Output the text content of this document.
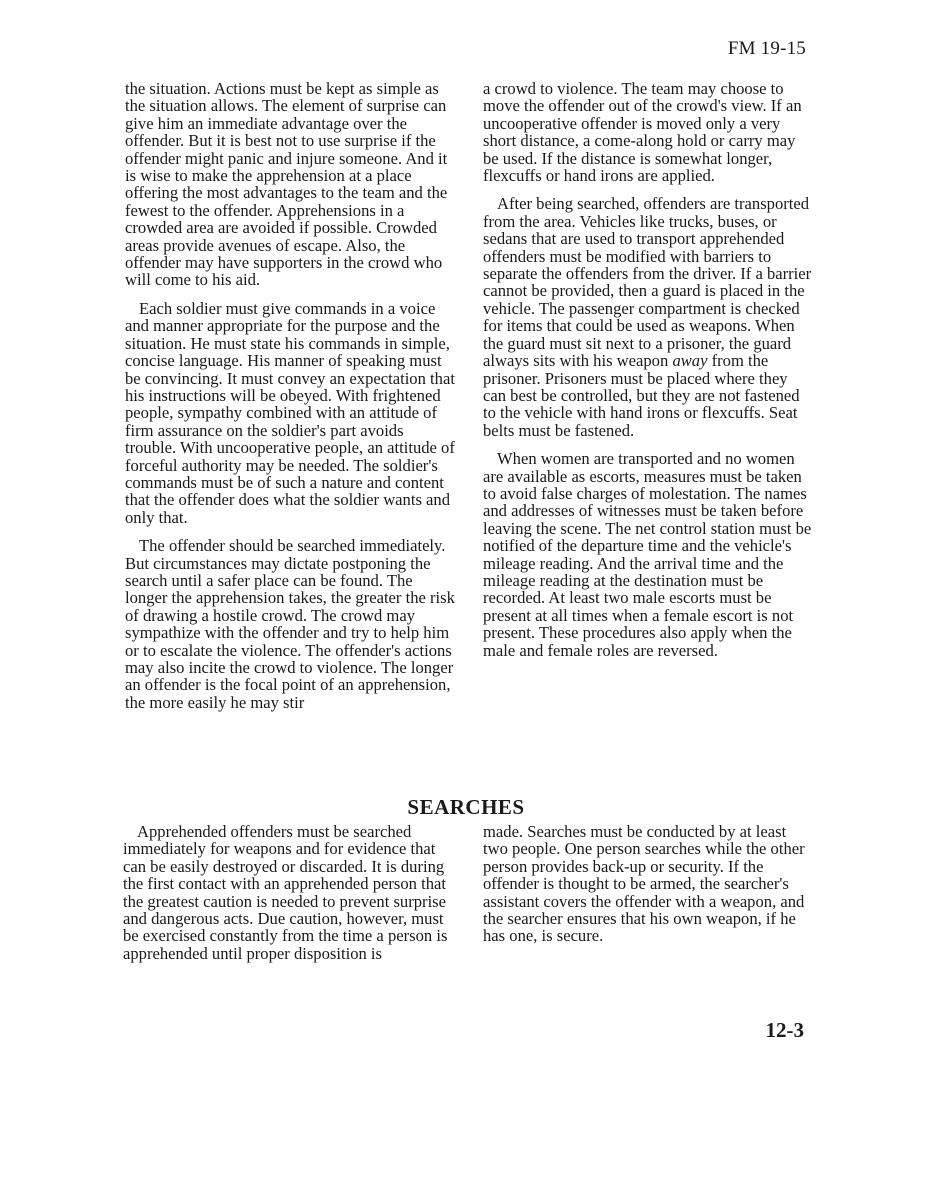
FM 19-15

the situation. Actions must be kept as simple as the situation allows. The element of surprise can give him an immediate advantage over the offender. But it is best not to use surprise if the offender might panic and injure someone. And it is wise to make the apprehension at a place offering the most advantages to the team and the fewest to the offender. Apprehensions in a crowded area are avoided if possible. Crowded areas provide avenues of escape. Also, the offender may have supporters in the crowd who will come to his aid.

Each soldier must give commands in a voice and manner appropriate for the purpose and the situation. He must state his commands in simple, concise language. His manner of speaking must be convincing. It must convey an expectation that his instructions will be obeyed. With frightened people, sympathy combined with an attitude of firm assurance on the soldier's part avoids trouble. With uncooperative people, an attitude of forceful authority may be needed. The soldier's commands must be of such a nature and content that the offender does what the soldier wants and only that.

The offender should be searched immediately. But circumstances may dictate postponing the search until a safer place can be found. The longer the apprehension takes, the greater the risk of drawing a hostile crowd. The crowd may sympathize with the offender and try to help him or to escalate the violence. The offender's actions may also incite the crowd to violence. The longer an offender is the focal point of an apprehension, the more easily he may stir

a crowd to violence. The team may choose to move the offender out of the crowd's view. If an uncooperative offender is moved only a very short distance, a come-along hold or carry may be used. If the distance is somewhat longer, flexcuffs or hand irons are applied.

After being searched, offenders are transported from the area. Vehicles like trucks, buses, or sedans that are used to transport apprehended offenders must be modified with barriers to separate the offenders from the driver. If a barrier cannot be provided, then a guard is placed in the vehicle. The passenger compartment is checked for items that could be used as weapons. When the guard must sit next to a prisoner, the guard always sits with his weapon away from the prisoner. Prisoners must be placed where they can best be controlled, but they are not fastened to the vehicle with hand irons or flexcuffs. Seat belts must be fastened.

When women are transported and no women are available as escorts, measures must be taken to avoid false charges of molestation. The names and addresses of witnesses must be taken before leaving the scene. The net control station must be notified of the departure time and the vehicle's mileage reading. And the arrival time and the mileage reading at the destination must be recorded. At least two male escorts must be present at all times when a female escort is not present. These procedures also apply when the male and female roles are reversed.

SEARCHES

Apprehended offenders must be searched immediately for weapons and for evidence that can be easily destroyed or discarded. It is during the first contact with an apprehended person that the greatest caution is needed to prevent surprise and dangerous acts. Due caution, however, must be exercised constantly from the time a person is apprehended until proper disposition is

made. Searches must be conducted by at least two people. One person searches while the other person provides back-up or security. If the offender is thought to be armed, the searcher's assistant covers the offender with a weapon, and the searcher ensures that his own weapon, if he has one, is secure.

12-3
